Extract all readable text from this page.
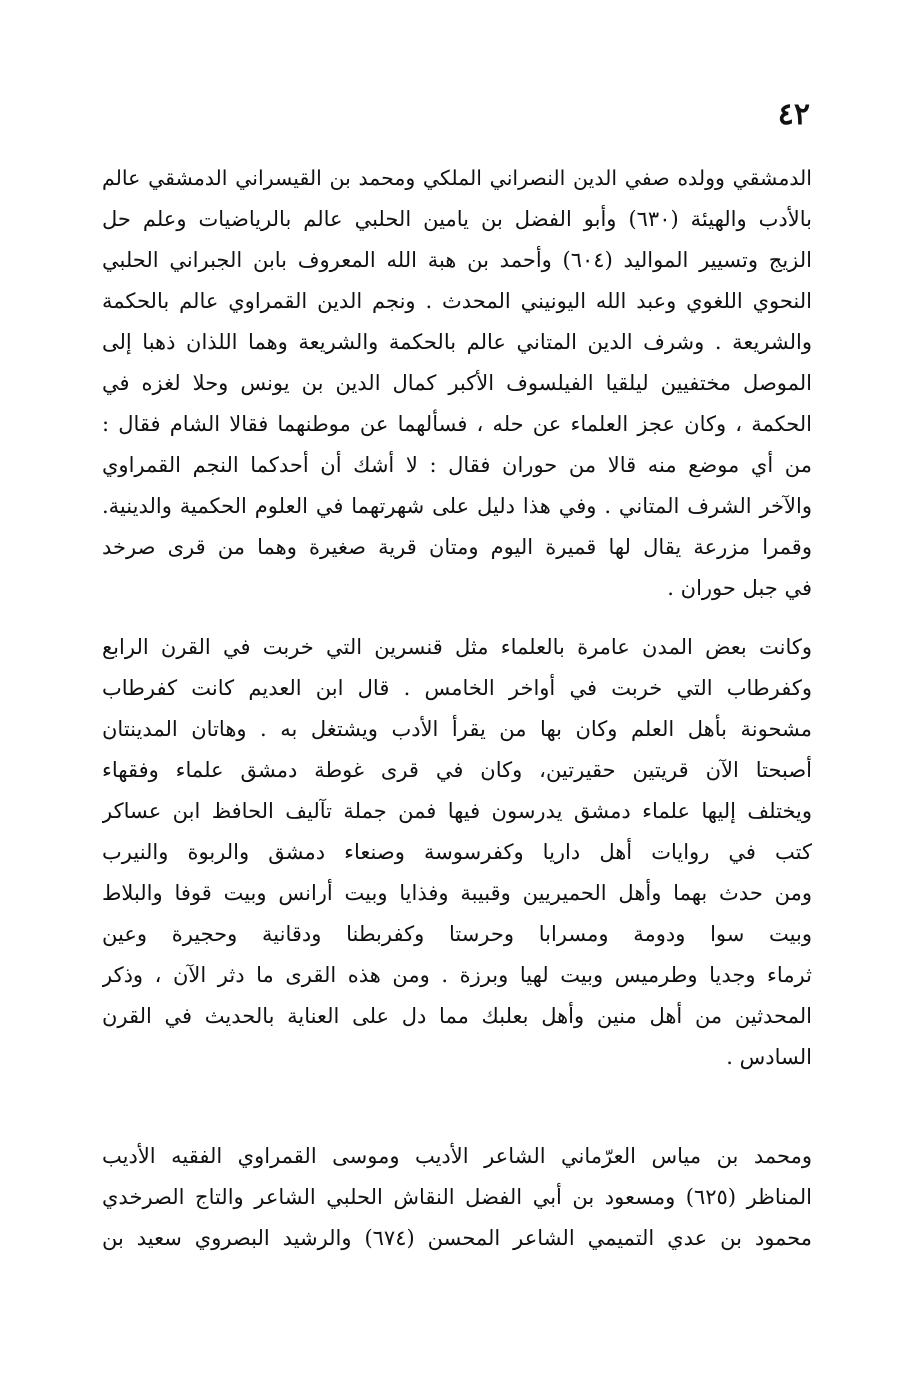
٤٢
الدمشقي وولده صفي الدين النصراني الملكي ومحمد بن القيسراني الدمشقي عالم
بالأدب والهيئة (٦٣٠) وأبو الفضل بن يامين الحلبي عالم بالرياضيات وعلم حل
الزيج وتسيير المواليد (٦٠٤) وأحمد بن هبة الله المعروف بابن الجبراني الحلبي
النحوي اللغوي وعبد الله اليونيني المحدث . ونجم الدين القمراوي عالم بالحكمة
والشريعة . وشرف الدين المتاني عالم بالحكمة والشريعة وهما اللذان ذهبا إلى
الموصل مختفيين ليلقيا الفيلسوف الأكبر كمال الدين بن يونس وحلا لغزه في
الحكمة ، وكان عجز العلماء عن حله ، فسألهما عن موطنهما فقالا الشام فقال :
من أي موضع منه قالا من حوران فقال : لا أشك أن أحدكما النجم القمراوي
والآخر الشرف المتاني . وفي هذا دليل على شهرتهما في العلوم الحكمية والدينية.
وقمرا مزرعة يقال لها قميرة اليوم ومتان قرية صغيرة وهما من قرى صرخد
في جبل حوران .
وكانت بعض المدن عامرة بالعلماء مثل قنسرين التي خربت في القرن الرابع
وكفرطاب التي خربت في أواخر الخامس . قال ابن العديم كانت كفرطاب
مشحونة بأهل العلم وكان بها من يقرأ الأدب ويشتغل به . وهاتان المدينتان
أصبحتا الآن قريتين حقيرتين، وكان في قرى غوطة دمشق علماء وفقهاء
ويختلف إليها علماء دمشق يدرسون فيها فمن جملة تآليف الحافظ ابن عساكر
كتب في روايات أهل داريا وكفرسوسة وصنعاء دمشق والربوة والنيرب
ومن حدث بهما وأهل الحميريين وقبيبة وفذايا وبيت أرانس وبيت قوفا والبلاط
وبيت سوا ودومة ومسرابا وحرستا وكفربطنا ودقانية وحجيرة وعين
ثرماء وجديا وطرميس وبيت لهيا وبرزة . ومن هذه القرى ما دثر الآن ، وذكر
المحدثين من أهل منين وأهل بعلبك مما دل على العناية بالحديث في القرن
السادس .
ومحمد بن مياس العرّماني الشاعر الأديب وموسى القمراوي الفقيه الأديب
المناظر (٦٢٥) ومسعود بن أبي الفضل النقاش الحلبي الشاعر والتاج الصرخدي
محمود بن عدي التميمي الشاعر المحسن (٦٧٤) والرشيد البصروي سعيد بن
